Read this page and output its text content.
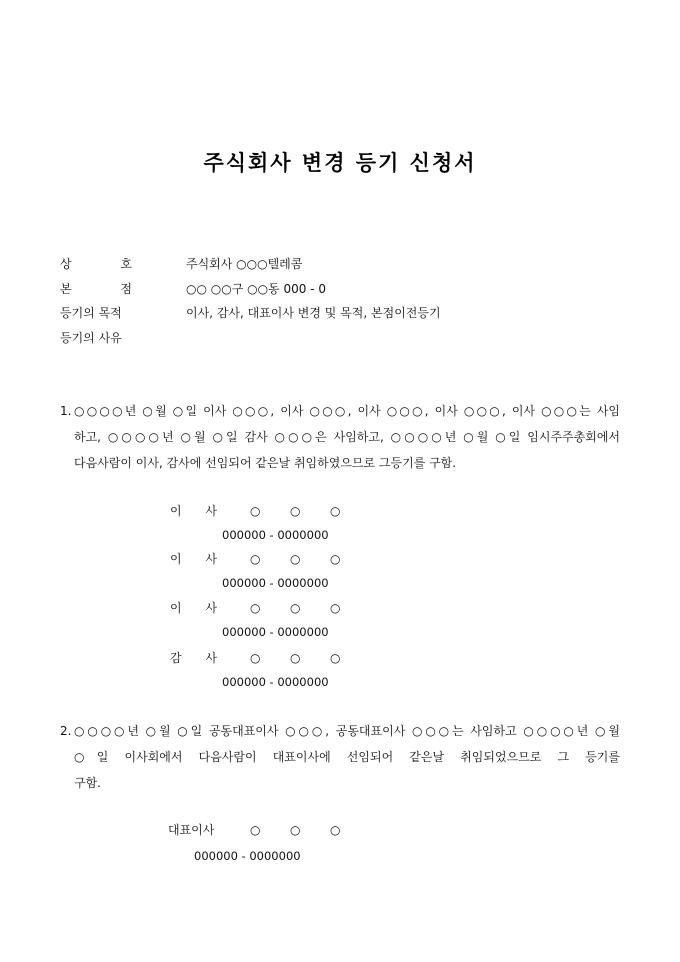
주식회사 변경 등기 신청서
상	호	주식회사 ○○○텔레콤
본	점	○○ ○○구 ○○동 000 - 0
등기의 목적	이사, 감사, 대표이사 변경 및 목적, 본점이전등기
등기의 사유
1. ○○○○년 ○월 ○일 이사 ○○○, 이사 ○○○, 이사 ○○○, 이사 ○○○, 이사 ○○○는 사임
하고, ○○○○년 ○월 ○일 감사 ○○○은 사임하고, ○○○○년 ○월 ○일 임시주주총회에서
다음사람이 이사, 감사에 선임되어 같은날 취임하였으므로 그등기를 구함.
이 사	○ ○ ○
000000 - 0000000
이 사	○ ○ ○
000000 - 0000000
이 사	○ ○ ○
000000 - 0000000
감 사	○ ○ ○
000000 - 0000000
2. ○○○○년 ○월 ○일 공동대표이사 ○○○, 공동대표이사 ○○○는 사임하고 ○○○○년 ○월
○일 이사회에서 다음사람이 대표이사에 선임되어 같은날 취임되었으므로 그 등기를
구함.
대표이사	○ ○ ○
000000 - 0000000
